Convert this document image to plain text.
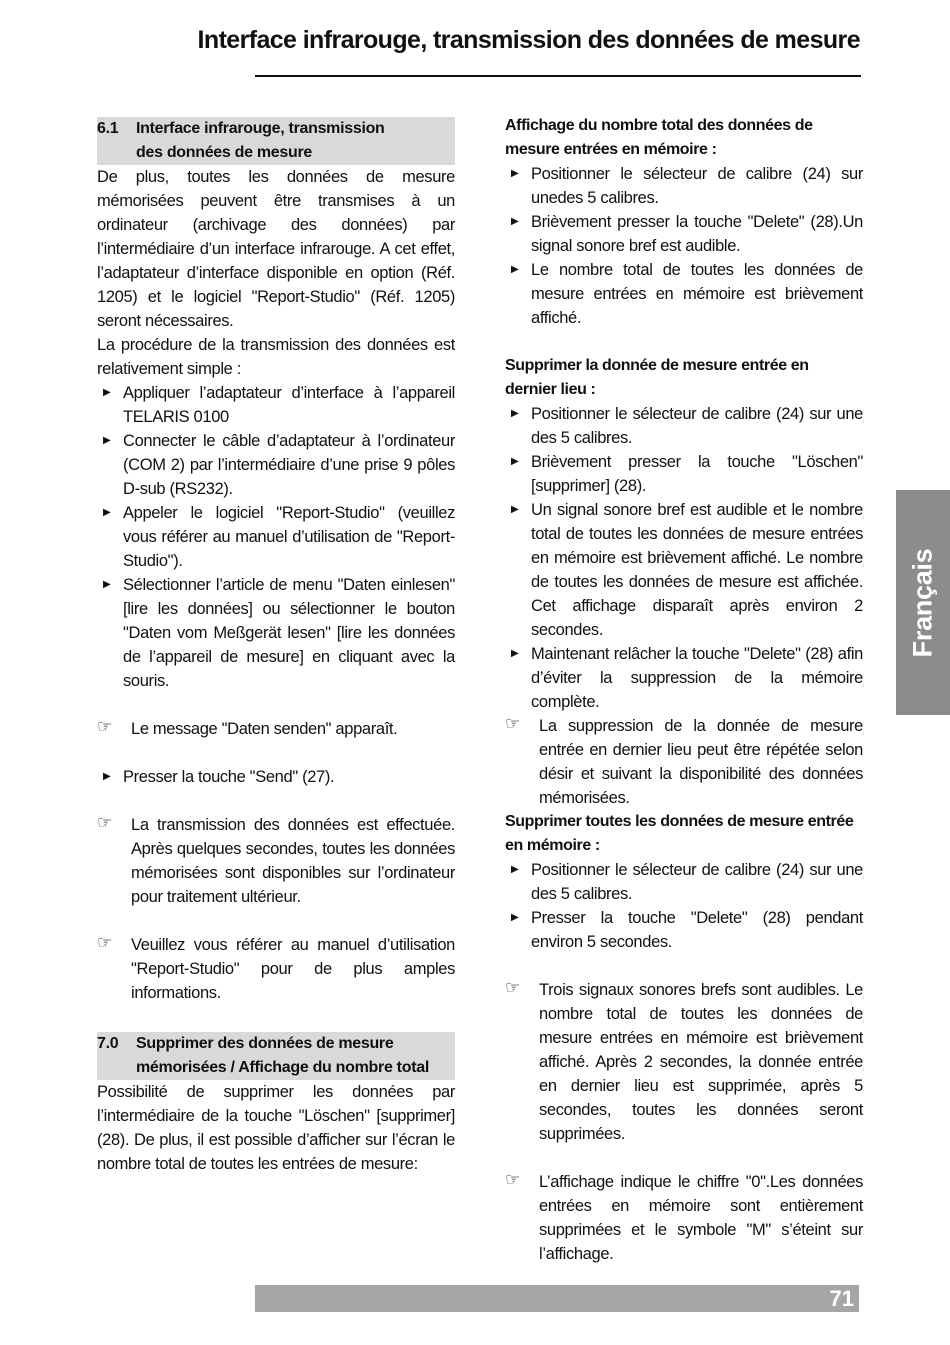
Interface infrarouge, transmission des données de mesure
6.1	Interface infrarouge, transmission
des données de mesure
De plus, toutes les données de mesure mémorisées peuvent être transmises à un ordinateur (archivage des données) par l’intermédiaire d’un interface infrarouge. A cet effet, l’adaptateur d’interface disponible en option (Réf. 1205) et le logiciel "Report-Studio" (Réf. 1205) seront nécessaires.
La procédure de la transmission des données est relativement simple :
▶ Appliquer l’adaptateur d’interface à l’appareil TELARIS 0100
▶ Connecter le câble d’adaptateur à l’ordinateur (COM 2) par l’intermédiaire d’une prise 9 pôles D-sub (RS232).
▶ Appeler le logiciel "Report-Studio" (veuillez vous référer au manuel d’utilisation de "Report-Studio").
▶ Sélectionner l’article de menu "Daten einlesen" [lire les données] ou sélectionner le bouton "Daten vom Meßgerät lesen" [lire les données de l’appareil de mesure] en cliquant avec la souris.
☞	Le message "Daten senden" apparaît.
▶ Presser la touche "Send" (27).
☞	La transmission des données est effectuée. Après quelques secondes, toutes les données mémorisées sont disponibles sur l’ordinateur pour traitement ultérieur.
☞	Veuillez vous référer au manuel d’utilisation "Report-Studio" pour de plus amples informations.
7.0	Supprimer des données de mesure
mémorisées / Affichage du nombre total
Possibilité de supprimer les données par l’intermédiaire de la touche "Löschen" [supprimer] (28). De plus, il est possible d’afficher sur l’écran le nombre total de toutes les entrées de mesure:
Affichage du nombre total des données de mesure entrées en mémoire :
▶ Positionner le sélecteur de calibre (24) sur unedes 5 calibres.
▶ Brièvement presser la touche "Delete" (28).Un signal sonore bref est audible.
▶ Le nombre total de toutes les données de mesure entrées en mémoire est brièvement affiché.
Supprimer la donnée de mesure entrée en dernier lieu :
▶ Positionner le sélecteur de calibre (24) sur une des 5 calibres.
▶ Brièvement presser la touche "Löschen" [supprimer] (28).
▶ Un signal sonore bref est audible et le nombre total de toutes les données de mesure entrées en mémoire est brièvement affiché. Le nombre de toutes les données de mesure est affichée. Cet affichage disparaît après environ 2 secondes.
▶ Maintenant relâcher la touche "Delete" (28) afin d’éviter la suppression de la mémoire complète.
☞	La suppression de la donnée de mesure entrée en dernier lieu peut être répétée selon désir et suivant la disponibilité des données mémorisées.
Supprimer toutes les données de mesure entrée en mémoire :
▶ Positionner le sélecteur de calibre (24) sur une des 5 calibres.
▶ Presser la touche "Delete" (28) pendant environ 5 secondes.
☞	Trois signaux sonores brefs sont audibles. Le nombre total de toutes les données de mesure entrées en mémoire est brièvement affiché. Après 2 secondes, la donnée entrée en dernier lieu est supprimée, après 5 secondes, toutes les données seront supprimées.
☞	L’affichage indique le chiffre "0".Les données entrées en mémoire sont entièrement supprimées et le symbole "M" s’éteint sur l’affichage.
Français
71
